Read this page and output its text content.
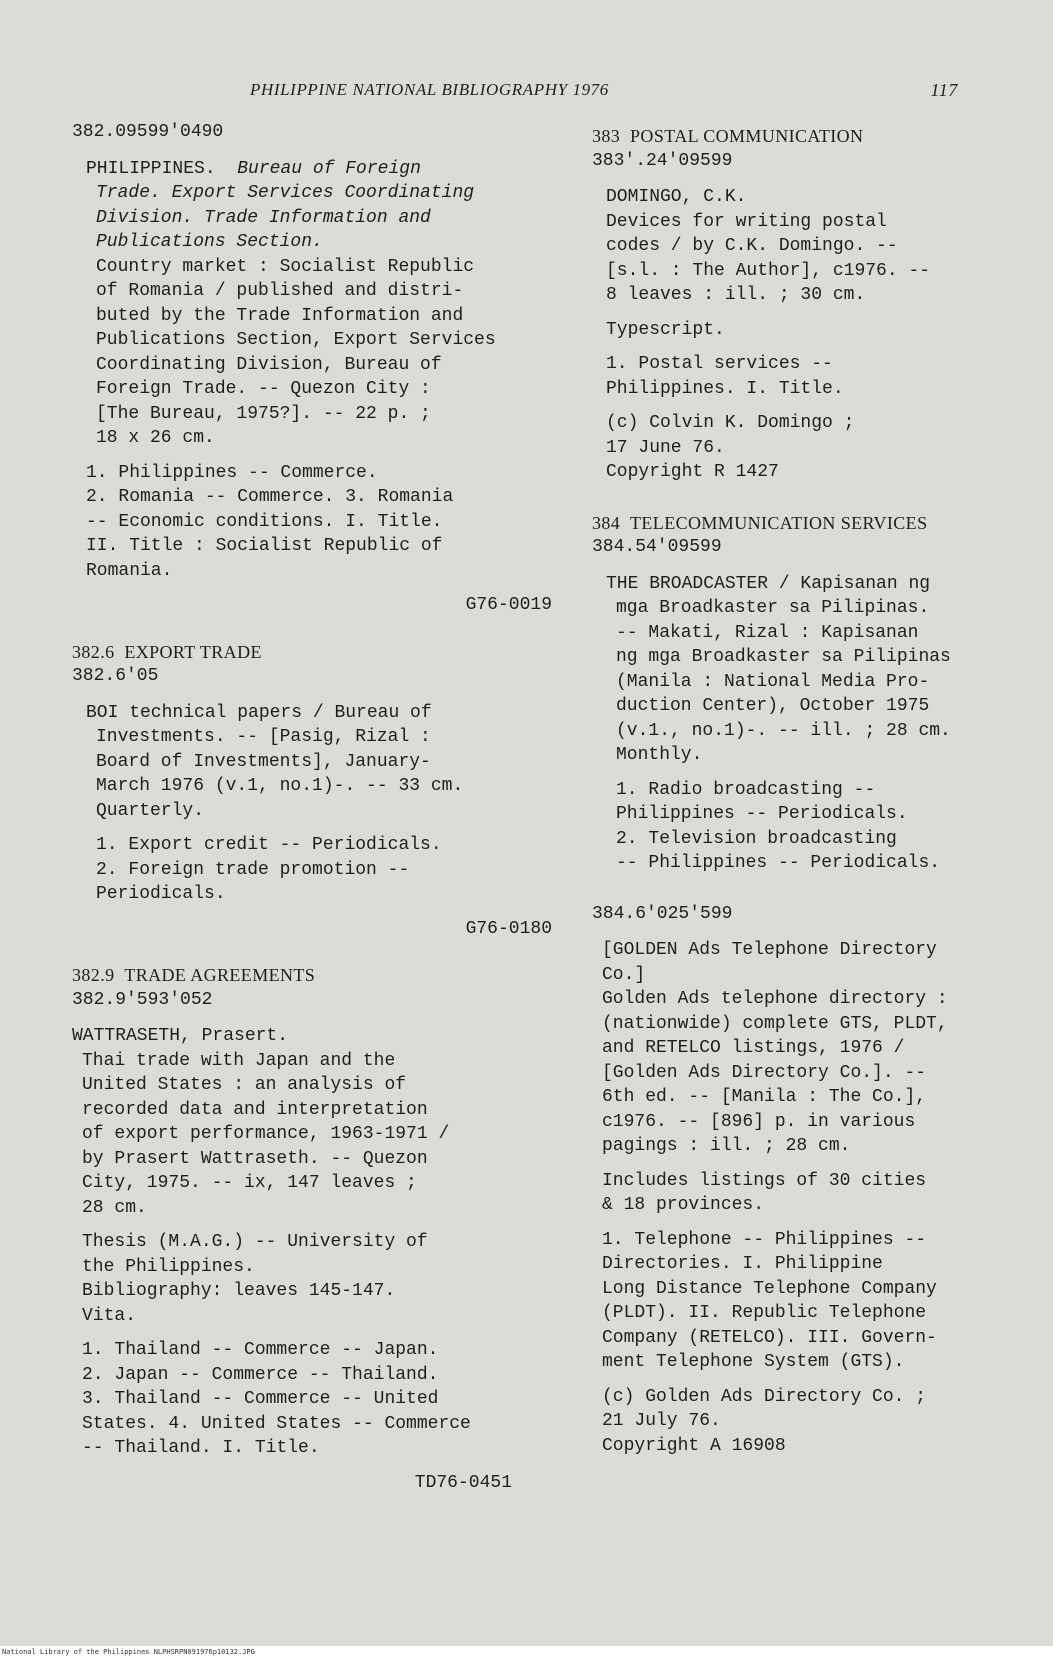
PHILIPPINE NATIONAL BIBLIOGRAPHY 1976	117
382.09599'0490
PHILIPPINES. Bureau of Foreign
Trade. Export Services Coordinating
Division. Trade Information and
Publications Section.

Country market : Socialist Republic
of Romania / published and distri-
buted by the Trade Information and
Publications Section, Export Services
Coordinating Division, Bureau of
Foreign Trade. -- Quezon City :
[The Bureau, 1975?]. -- 22 p. ;
18 x 26 cm.

1. Philippines -- Commerce.
2. Romania -- Commerce. 3. Romania
-- Economic conditions. I. Title.
II. Title : Socialist Republic of
Romania.

G76-0019
382.6 EXPORT TRADE
382.6'05

BOI technical papers / Bureau of
Investments. -- [Pasig, Rizal :
Board of Investments], January-
March 1976 (v.1, no.1)-. -- 33 cm.
Quarterly.

1. Export credit -- Periodicals.
2. Foreign trade promotion --
Periodicals.

G76-0180
382.9 TRADE AGREEMENTS
382.9'593'052
WATTRASETH, Prasert.

Thai trade with Japan and the
United States : an analysis of
recorded data and interpretation
of export performance, 1963-1971 /
by Prasert Wattraseth. -- Quezon
City, 1975. -- ix, 147 leaves ;
28 cm.

Thesis (M.A.G.) -- University of
the Philippines.
Bibliography: leaves 145-147.
Vita.

1. Thailand -- Commerce -- Japan.
2. Japan -- Commerce -- Thailand.
3. Thailand -- Commerce -- United
States. 4. United States -- Commerce
-- Thailand. I. Title.

TD76-0451
383 POSTAL COMMUNICATION
383'.24'09599
DOMINGO, C.K.

Devices for writing postal
codes / by C.K. Domingo. --
[s.l. : The Author], c1976. --
8 leaves : ill. ; 30 cm.

Typescript.

1. Postal services --
Philippines. I. Title.

(c) Colvin K. Domingo ;
17 June 76.
Copyright R 1427

384 TELECOMMUNICATION SERVICES
384.54'09599

THE BROADCASTER / Kapisanan ng
mga Broadkaster sa Pilipinas.
-- Makati, Rizal : Kapisanan
ng mga Broadkaster sa Pilipinas
(Manila : National Media Pro-
duction Center), October 1975
(v.1., no.1)-. -- ill. ; 28 cm.
Monthly.

1. Radio broadcasting --
Philippines -- Periodicals.
2. Television broadcasting
-- Philippines -- Periodicals.

384.6'025'599
[GOLDEN Ads Telephone Directory
Co.]

Golden Ads telephone directory :
(nationwide) complete GTS, PLDT,
and RETELCO listings, 1976 /
[Golden Ads Directory Co.]. --
6th ed. -- [Manila : The Co.],
c1976. -- [896] p. in various
pagings : ill. ; 28 cm.

Includes listings of 30 cities
& 18 provinces.

1. Telephone -- Philippines --
Directories. I. Philippine
Long Distance Telephone Company
(PLDT). II. Republic Telephone
Company (RETELCO). III. Govern-
ment Telephone System (GTS).

(c) Golden Ads Directory Co. ;
21 July 76.
Copyright A 16908

National Library of the Philippines NLPHSRPN091976p10132.JPG
